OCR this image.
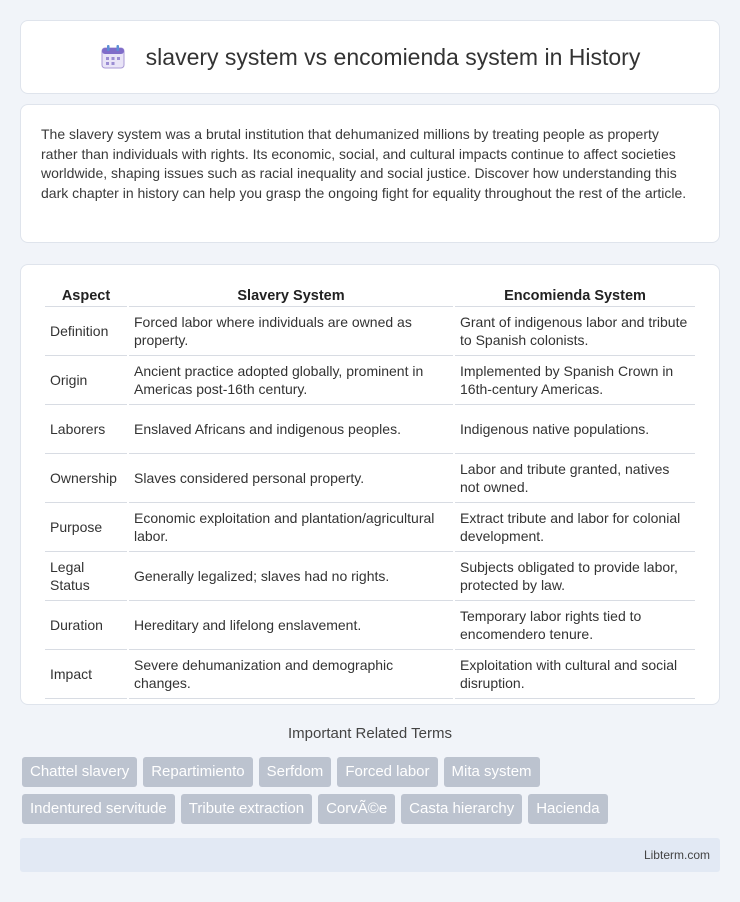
slavery system vs encomienda system in History

The slavery system was a brutal institution that dehumanized millions by treating people as property rather than individuals with rights. Its economic, social, and cultural impacts continue to affect societies worldwide, shaping issues such as racial inequality and social justice. Discover how understanding this dark chapter in history can help you grasp the ongoing fight for equality throughout the rest of the article.

Aspect	Slavery System	Encomienda System
Definition	Forced labor where individuals are owned as property.	Grant of indigenous labor and tribute to Spanish colonists.
Origin	Ancient practice adopted globally, prominent in Americas post-16th century.	Implemented by Spanish Crown in 16th-century Americas.
Laborers	Enslaved Africans and indigenous peoples.	Indigenous native populations.
Ownership	Slaves considered personal property.	Labor and tribute granted, natives not owned.
Purpose	Economic exploitation and plantation/agricultural labor.	Extract tribute and labor for colonial development.
Legal Status	Generally legalized; slaves had no rights.	Subjects obligated to provide labor, protected by law.
Duration	Hereditary and lifelong enslavement.	Temporary labor rights tied to encomendero tenure.
Impact	Severe dehumanization and demographic changes.	Exploitation with cultural and social disruption.
Important Related Terms
Chattel slavery	Repartimiento	Serfdom	Forced labor	Mita system
Indentured servitude	Tribute extraction	CorvÃ©e	Casta hierarchy	Hacienda
Libterm.com
